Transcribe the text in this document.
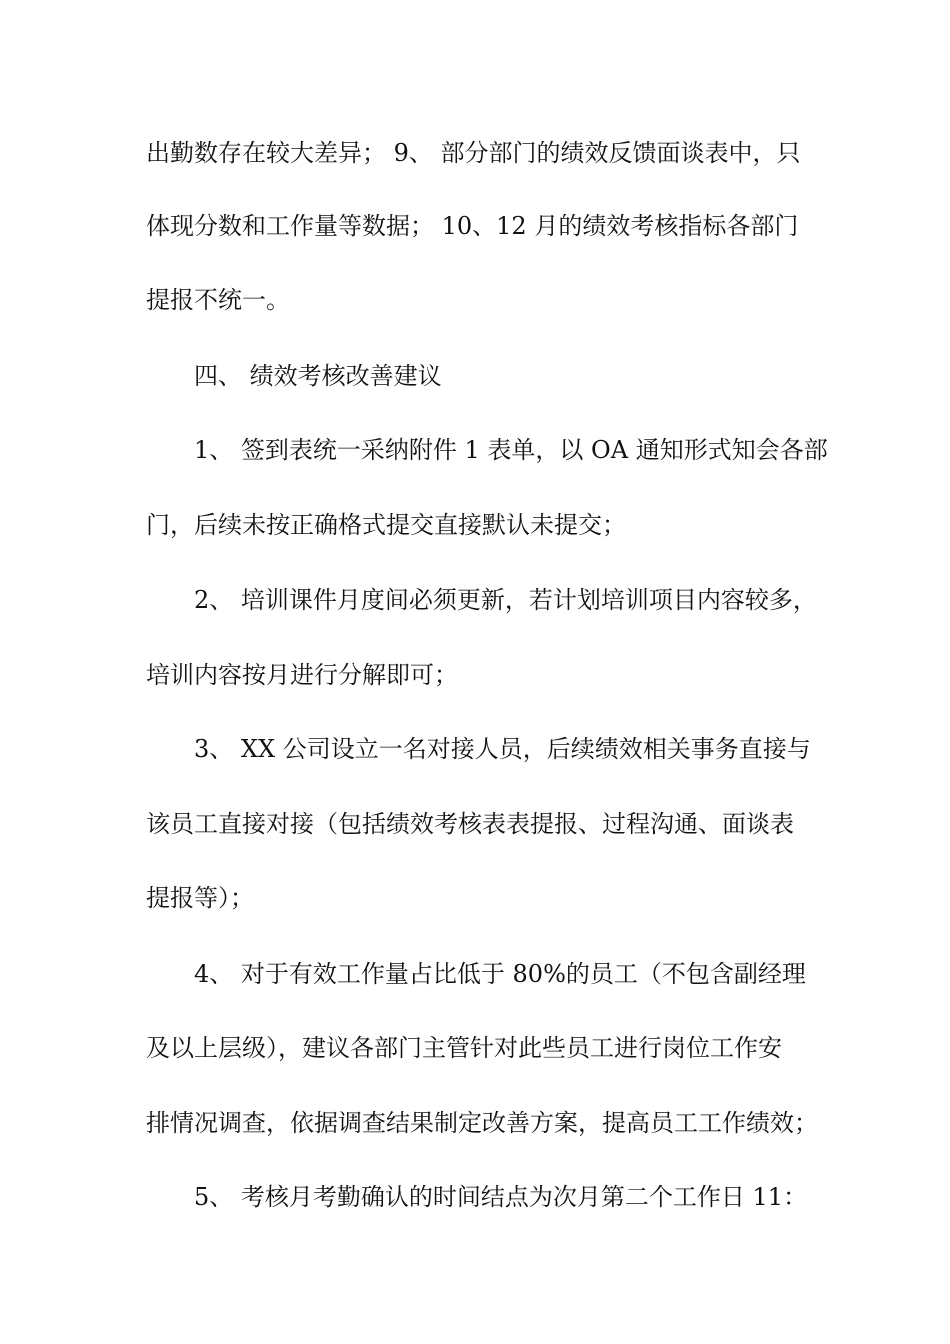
出勤数存在较大差异； 9、 部分部门的绩效反馈面谈表中，只
体现分数和工作量等数据； 10、12 月的绩效考核指标各部门
提报不统一。
四、 绩效考核改善建议
1、 签到表统一采纳附件 1 表单，以 OA 通知形式知会各部
门，后续未按正确格式提交直接默认未提交；
2、 培训课件月度间必须更新，若计划培训项目内容较多，
培训内容按月进行分解即可；
3、 XX 公司设立一名对接人员，后续绩效相关事务直接与
该员工直接对接（包括绩效考核表表提报、过程沟通、面谈表
提报等）；
4、 对于有效工作量占比低于 80%的员工（不包含副经理
及以上层级），建议各部门主管针对此些员工进行岗位工作安
排情况调查，依据调查结果制定改善方案，提高员工工作绩效；
5、 考核月考勤确认的时间结点为次月第二个工作日 11：
